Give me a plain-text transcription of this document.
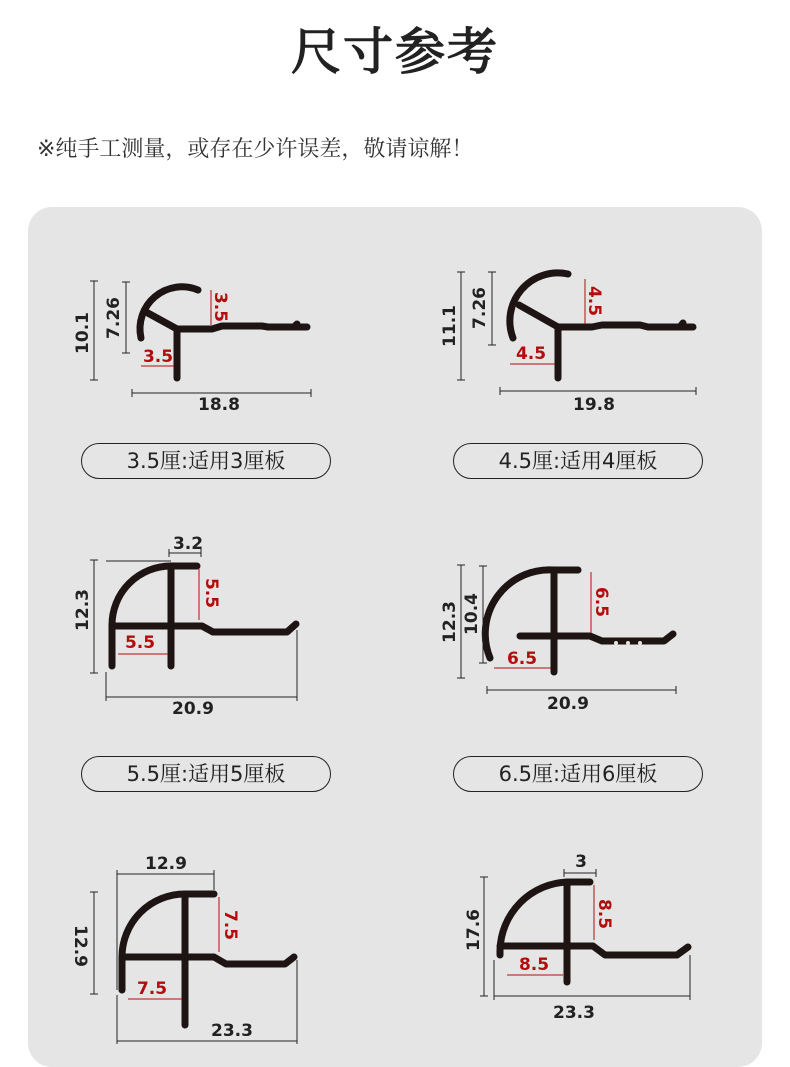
尺寸参考
※纯手工测量，或存在少许误差，敬请谅解！
10.1 7.26
18.8
3.5
3.5
11.1 7.26
19.8
4.5
4.5
12.3
3.2
20.9
5.5
5.5
12.3 10.4
20.9
6.5
6.5
12.9
12.9
23.3
7.5
7.5
17.6
3
23.3
8.5
8.5
3.5厘:适用3厘板	4.5厘:适用4厘板
5.5厘:适用5厘板	6.5厘:适用6厘板
